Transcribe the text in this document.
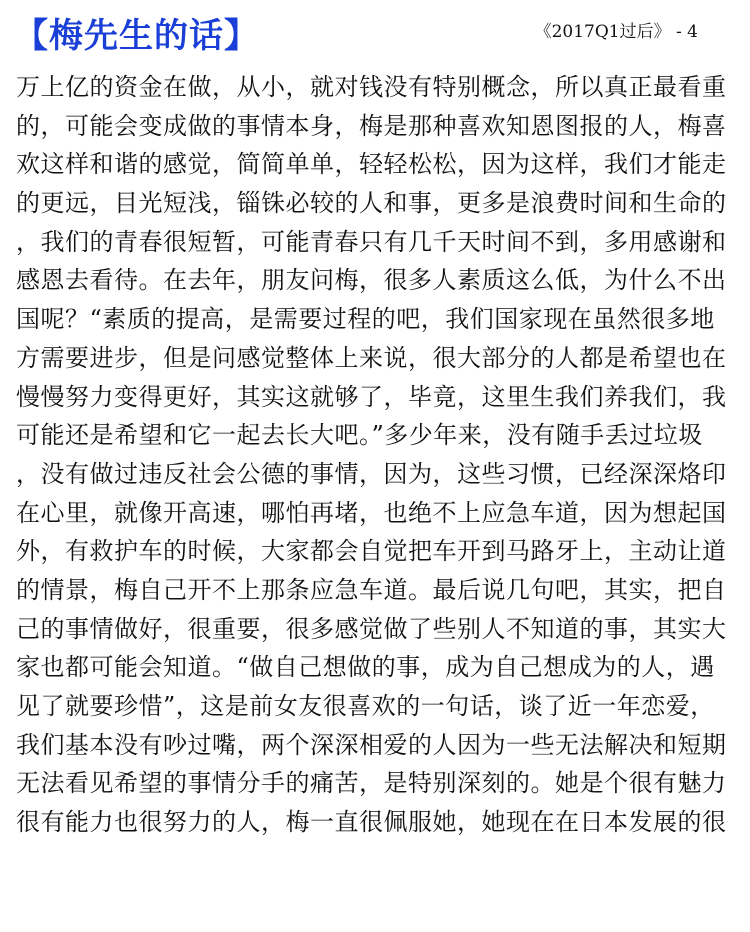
【梅先生的话】	《2017Q1过后》 - 4
万上亿的资金在做，从小，就对钱没有特别概念，所以真正最看重
的，可能会变成做的事情本身，梅是那种喜欢知恩图报的人，梅喜
欢这样和谐的感觉，简简单单，轻轻松松，因为这样，我们才能走
的更远，目光短浅，锱铢必较的人和事，更多是浪费时间和生命的
，我们的青春很短暂，可能青春只有几千天时间不到，多用感谢和
感恩去看待。在去年，朋友问梅，很多人素质这么低，为什么不出
国呢？“素质的提高，是需要过程的吧，我们国家现在虽然很多地
方需要进步，但是问感觉整体上来说，很大部分的人都是希望也在
慢慢努力变得更好，其实这就够了，毕竟，这里生我们养我们，我
可能还是希望和它一起去长大吧。”多少年来，没有随手丢过垃圾
，没有做过违反社会公德的事情，因为，这些习惯，已经深深烙印
在心里，就像开高速，哪怕再堵，也绝不上应急车道，因为想起国
外，有救护车的时候，大家都会自觉把车开到马路牙上，主动让道
的情景，梅自己开不上那条应急车道。最后说几句吧，其实，把自
己的事情做好，很重要，很多感觉做了些别人不知道的事，其实大
家也都可能会知道。“做自己想做的事，成为自己想成为的人，遇
见了就要珍惜”，这是前女友很喜欢的一句话，谈了近一年恋爱，
我们基本没有吵过嘴，两个深深相爱的人因为一些无法解决和短期
无法看见希望的事情分手的痛苦，是特别深刻的。她是个很有魅力
很有能力也很努力的人，梅一直很佩服她，她现在在日本发展的很
